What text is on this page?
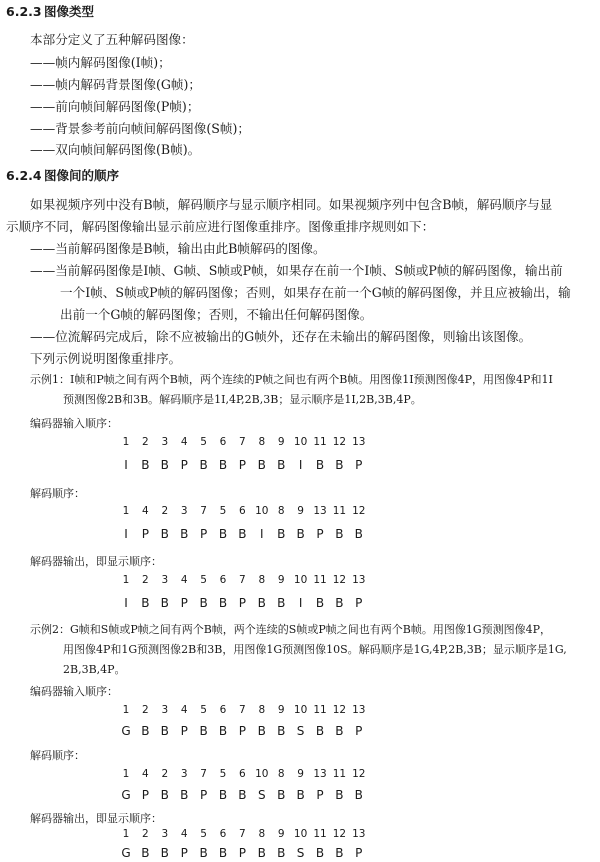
6.2.3 图像类型
本部分定义了五种解码图像：
——帧内解码图像(I帧)；
——帧内解码背景图像(G帧)；
——前向帧间解码图像(P帧)；
——背景参考前向帧间解码图像(S帧)；
——双向帧间解码图像(B帧)。
6.2.4 图像间的顺序
如果视频序列中没有B帧，解码顺序与显示顺序相同。如果视频序列中包含B帧，解码顺序与显
示顺序不同，解码图像输出显示前应进行图像重排序。图像重排序规则如下：
——当前解码图像是B帧，输出由此B帧解码的图像。
——当前解码图像是I帧、G帧、S帧或P帧，如果存在前一个I帧、S帧或P帧的解码图像，输出前
一个I帧、S帧或P帧的解码图像；否则，如果存在前一个G帧的解码图像，并且应被输出，输
出前一个G帧的解码图像；否则，不输出任何解码图像。
——位流解码完成后，除不应被输出的G帧外，还存在未输出的解码图像，则输出该图像。
下列示例说明图像重排序。
示例1：I帧和P帧之间有两个B帧，两个连续的P帧之间也有两个B帧。用图像1I预测图像4P，用图像4P和1I
预测图像2B和3B。解码顺序是1I,4P,2B,3B；显示顺序是1I,2B,3B,4P。
编码器输入顺序：
1	2	3	4	5	6	7	8	9 10 11 12 13
I	B B P B B P B B	I	B B P
解码顺序：
1	4	2	3	7	5	6 10 8	9 13 11 12
I	P B B P B B	I	B B P B B
解码器输出，即显示顺序：
1	2	3	4	5	6	7	8	9 10 11 12 13
I	B B P B B P B B	I	B B P
示例2：G帧和S帧或P帧之间有两个B帧，两个连续的S帧或P帧之间也有两个B帧。用图像1G预测图像4P，
用图像4P和1G预测图像2B和3B，用图像1G预测图像10S。解码顺序是1G,4P,2B,3B；显示顺序是1G,
2B,3B,4P。
编码器输入顺序：
1	2	3	4	5	6	7	8	9 10 11 12 13
G B B P B B P B B S B B P
解码顺序：
1	4	2	3	7	5	6 10 8	9 13 11 12
G P B B P B B S B B P B B
解码器输出，即显示顺序：
1	2	3	4	5	6	7	8	9 10 11 12 13
G B B P B B P B B S B B P
